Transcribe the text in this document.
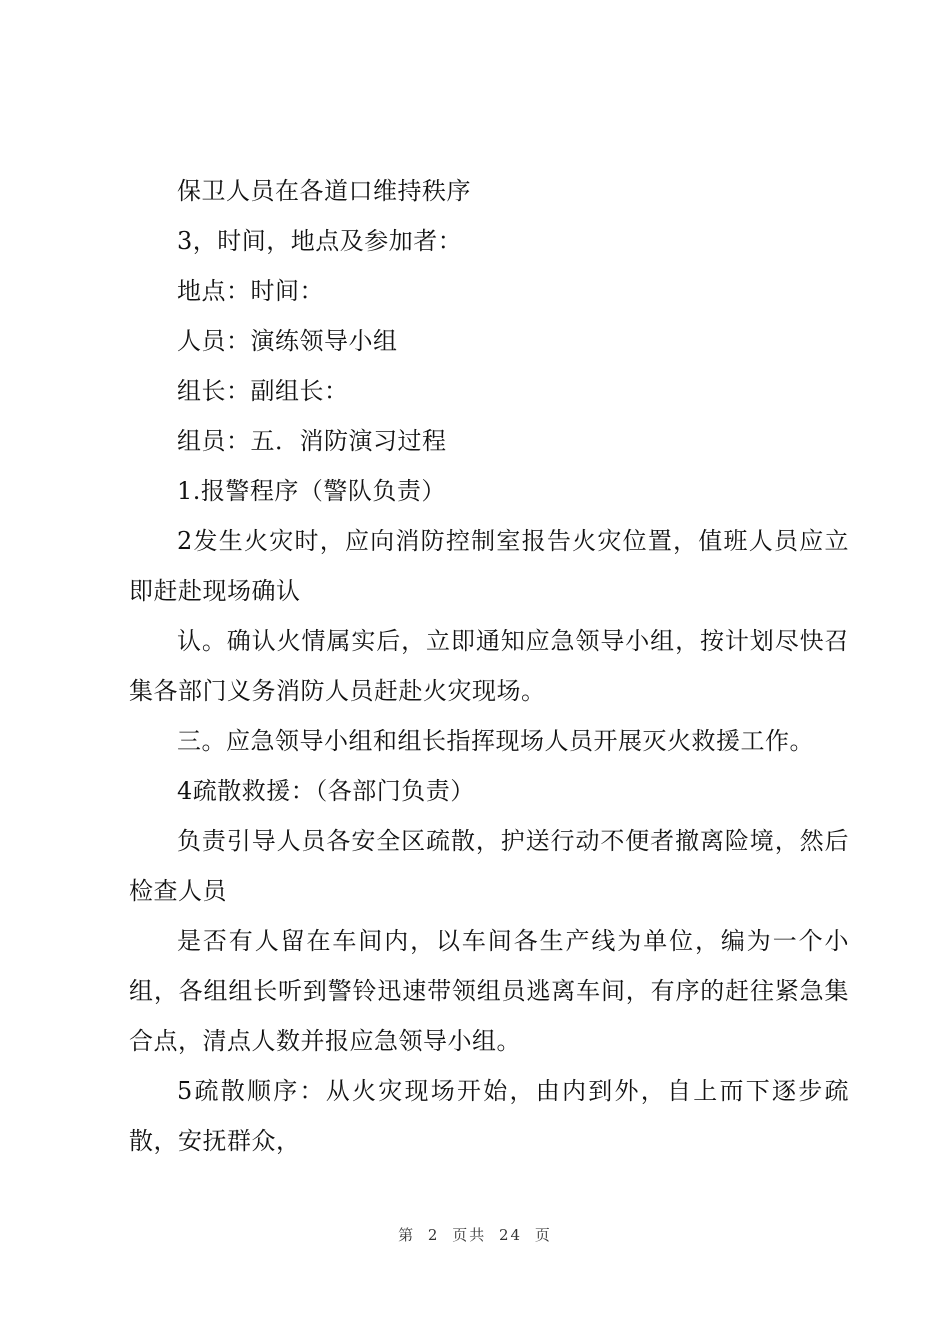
保卫人员在各道口维持秩序

3，时间，地点及参加者：

地点：时间：

人员：演练领导小组

组长：副组长：

组员：五．消防演习过程

1.报警程序（警队负责）

2发生火灾时，应向消防控制室报告火灾位置，值班人员应立即赶赴现场确认

认。确认火情属实后，立即通知应急领导小组，按计划尽快召集各部门义务消防人员赶赴火灾现场。

三。应急领导小组和组长指挥现场人员开展灭火救援工作。

4疏散救援：（各部门负责）

负责引导人员各安全区疏散，护送行动不便者撤离险境，然后检查人员

是否有人留在车间内，以车间各生产线为单位，编为一个小组，各组组长听到警铃迅速带领组员逃离车间，有序的赶往紧急集合点，清点人数并报应急领导小组。

5疏散顺序：从火灾现场开始，由内到外，自上而下逐步疏散，安抚群众，

第 2 页共 24 页
